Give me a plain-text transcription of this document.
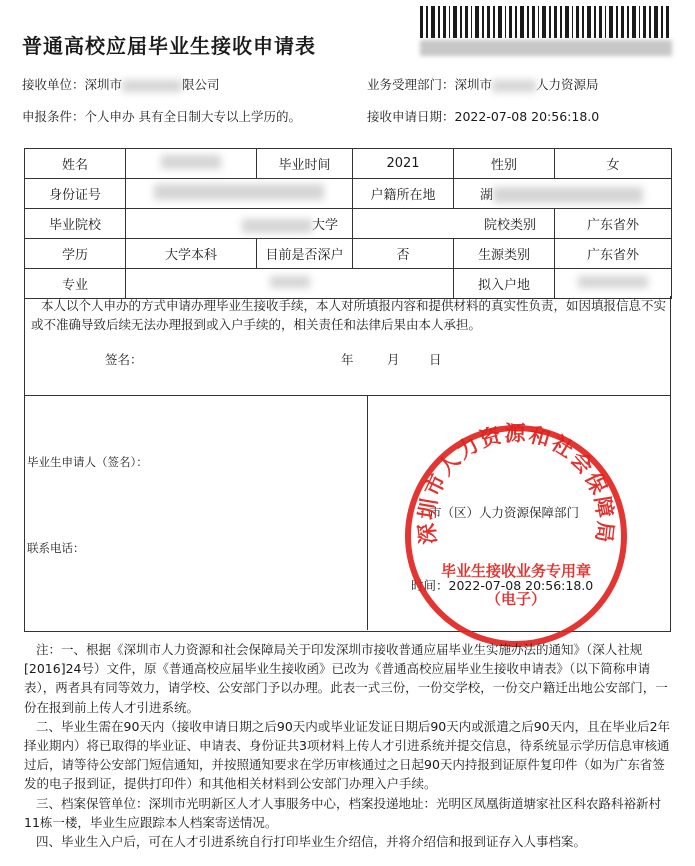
普通高校应届毕业生接收申请表
接收单位：深圳市	限公司	业务受理部门：深圳市	人力资源局
申报条件：个人申办 具有全日制大专以上学历的。	接收申请日期：2022-07-08 20:56:18.0
姓名		毕业时间	2021	性别	女
身份证号			户籍所在地	湖	
毕业院校	大学		院校类别		广东省外
学历	大学本科	目前是否深户	否	生源类别	广东省外
专业				拟入户地	

本人以个人申办的方式申请办理毕业生接收手续，本人对所填报内容和提供材料的真实性负责，如因填报信息不实或不准确导致后续无法办理报到或入户手续的，相关责任和法律后果由本人承担。

签名：	年	月 日
毕业生申请人（签名）：
联系电话：
市（区）人力资源保障部门
时间：2022-07-08 20:56:18.0
深圳市人力资源和社会保障局
毕业生接收业务专用章
（电子）

注：一、根据《深圳市人力资源和社会保障局关于印发深圳市接收普通应届毕业生实施办法的通知》（深人社规[2016]24号）文件，原《普通高校应届毕业生接收函》已改为《普通高校应届毕业生接收申请表》（以下简称申请表），两者具有同等效力，请学校、公安部门予以办理。此表一式三份，一份交学校，一份交户籍迁出地公安部门，一份在报到前上传人才引进系统。

二、毕业生需在90天内（接收申请日期之后90天内或毕业证发证日期后90天内或派遣之后90天内，且在毕业后2年择业期内）将已取得的毕业证、申请表、身份证共3项材料上传人才引进系统并提交信息，待系统显示学历信息审核通过后，请等待公安部门短信通知，并按照通知要求在学历审核通过之日起90天内持报到证原件复印件（如为广东省签发的电子报到证，提供打印件）和其他相关材料到公安部门办理入户手续。

三、档案保管单位：深圳市光明新区人才人事服务中心，档案投递地址：光明区凤凰街道塘家社区科农路科裕新村11栋一楼，毕业生应跟踪本人档案寄送情况。

四、毕业生入户后，可在人才引进系统自行打印毕业生介绍信，并将介绍信和报到证存入人事档案。
